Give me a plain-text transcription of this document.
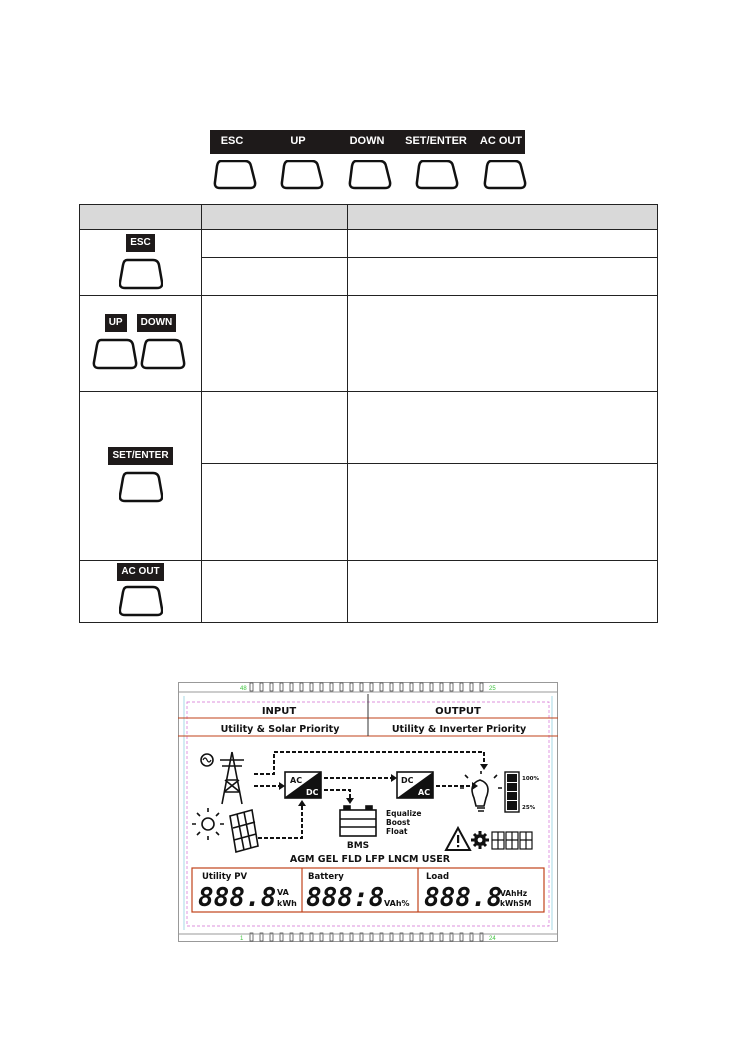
ESC	UP	DOWN	SET/ENTER	AC OUT

ESC		

UP DOWN		

SET/ENTER		

AC OUT		

48	25
1	24
INPUT	OUTPUT
Utility & Solar Priority	Utility & Inverter Priority
AC
DC
DC
AC
BMS
Equalize
Boost
Float
100%
25%
AGM GEL FLD LFP LNCM USER
Utility PV
888.8 VA
kWh
Battery
888:8 VAh%
Load
888.8
VAhHz
kWhSM
